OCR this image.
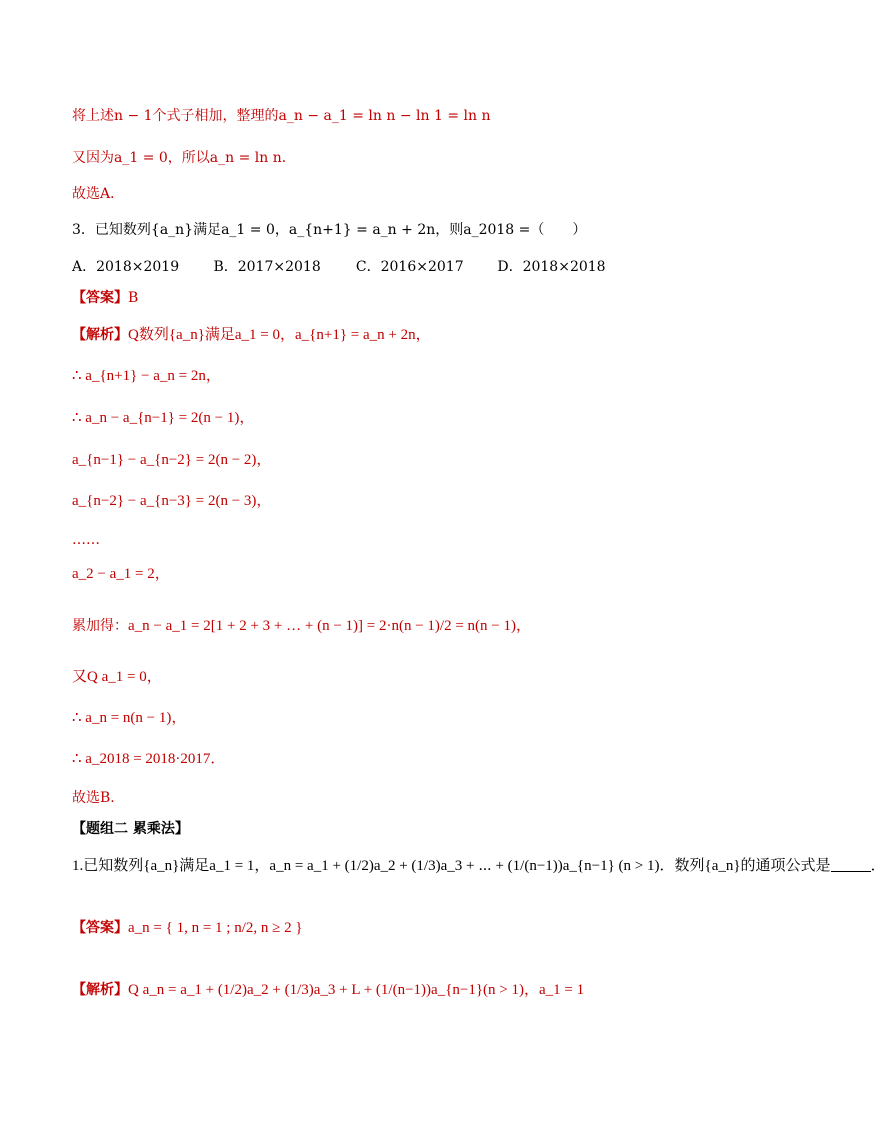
将上述n − 1个式子相加，整理的a_n − a_1 = ln n − ln 1 = ln n
又因为a_1 = 0，所以a_n = ln n．
故选A．
3．已知数列{a_n}满足a_1 = 0，a_{n+1} = a_n + 2n，则a_2018 =（　　）
A．2018×2019 B．2017×2018	C．2016×2017 D．2018×2018
【答案】B
【解析】Q数列{a_n}满足a_1 = 0，a_{n+1} = a_n + 2n，
∴ a_{n+1} − a_n = 2n，
∴ a_n − a_{n−1} = 2(n − 1)，
a_{n−1} − a_{n−2} = 2(n − 2)，
a_{n−2} − a_{n−3} = 2(n − 3)，
……
a_2 − a_1 = 2，
累加得：a_n − a_1 = 2[1 + 2 + 3 + … + (n − 1)] = 2·n(n − 1)/2 = n(n − 1)，
又Q a_1 = 0，
∴ a_n = n(n − 1)，
∴ a_2018 = 2018·2017．
故选B.
【题组二 累乘法】
1.已知数列{a_n}满足a_1 = 1，a_n = a_1 + (1/2)a_2 + (1/3)a_3 + ⋯ + (1/(n−1))a_{n−1} (n > 1)．数列{a_n}的通项公式是	．
【答案】a_n = { 1, n = 1 ; n/2, n ≥ 2 }
【解析】Q a_n = a_1 + (1/2)a_2 + (1/3)a_3 + L + (1/(n−1))a_{n−1}(n > 1)，a_1 = 1
